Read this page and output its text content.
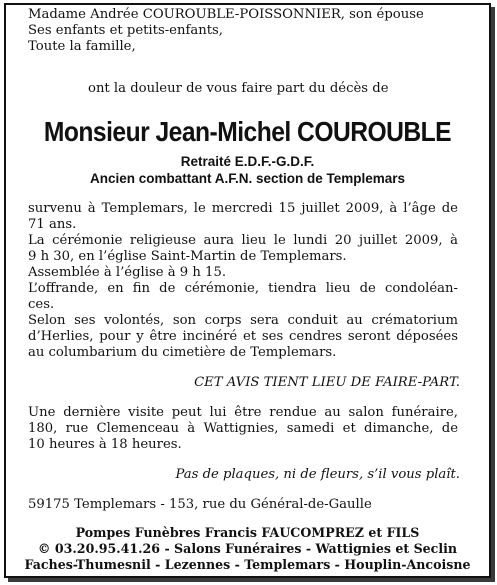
Madame Andrée COUROUBLE-POISSONNIER, son épouse
Ses enfants et petits-enfants,
Toute la famille,
ont la douleur de vous faire part du décès de
Monsieur Jean-Michel COUROUBLE
Retraité E.D.F.-G.D.F.
Ancien combattant A.F.N. section de Templemars
survenu à Templemars, le mercredi 15 juillet 2009, à l’âge de
71 ans.
La cérémonie religieuse aura lieu le lundi 20 juillet 2009, à
9 h 30, en l’église Saint-Martin de Templemars.
Assemblée à l’église à 9 h 15.
L’offrande, en fin de cérémonie, tiendra lieu de condoléan-
ces.
Selon ses volontés, son corps sera conduit au crématorium
d’Herlies, pour y être incinéré et ses cendres seront déposées
au columbarium du cimetière de Templemars.
CET AVIS TIENT LIEU DE FAIRE-PART.
Une dernière visite peut lui être rendue au salon funéraire,
180, rue Clemenceau à Wattignies, samedi et dimanche, de
10 heures à 18 heures.
Pas de plaques, ni de fleurs, s’il vous plaît.
59175 Templemars - 153, rue du Général-de-Gaulle
Pompes Funèbres Francis FAUCOMPREZ et FILS
© 03.20.95.41.26 - Salons Funéraires - Wattignies et Seclin
Faches-Thumesnil - Lezennes - Templemars - Houplin-Ancoisne
